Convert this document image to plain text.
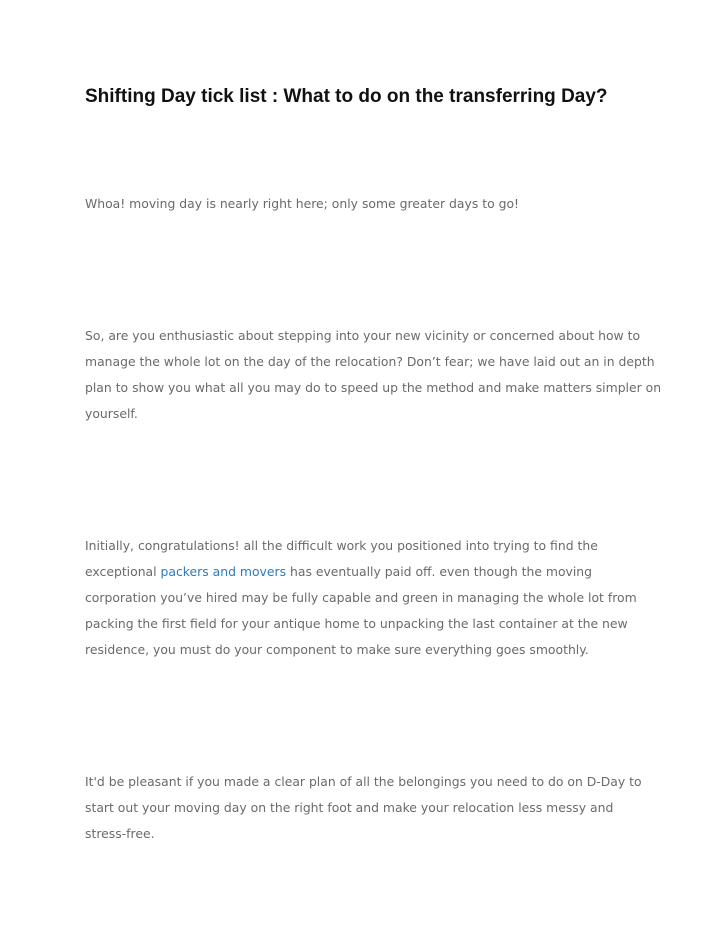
Shifting Day tick list : What to do on the transferring Day?

Whoa! moving day is nearly right here; only some greater days to go!

So, are you enthusiastic about stepping into your new vicinity or concerned about how to
manage the whole lot on the day of the relocation? Don’t fear; we have laid out an in depth
plan to show you what all you may do to speed up the method and make matters simpler on
yourself.

Initially, congratulations! all the difficult work you positioned into trying to find the
exceptional packers and movers has eventually paid off. even though the moving
corporation you’ve hired may be fully capable and green in managing the whole lot from
packing the first field for your antique home to unpacking the last container at the new
residence, you must do your component to make sure everything goes smoothly.

It'd be pleasant if you made a clear plan of all the belongings you need to do on D-Day to
start out your moving day on the right foot and make your relocation less messy and
stress-free.
